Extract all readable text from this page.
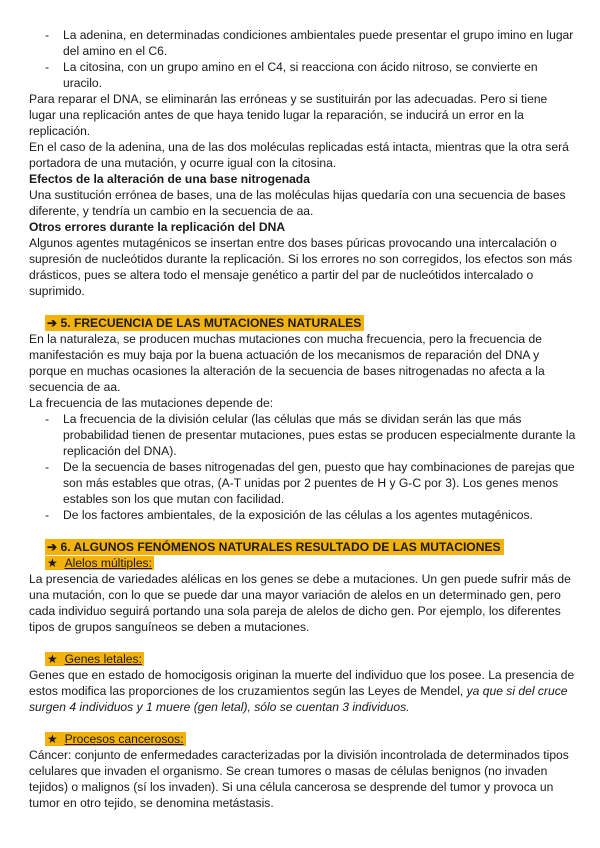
- La adenina, en determinadas condiciones ambientales puede presentar el grupo imino en lugar del amino en el C6.
- La citosina, con un grupo amino en el C4, si reacciona con ácido nitroso, se convierte en uracilo.

Para reparar el DNA, se eliminarán las erróneas y se sustituirán por las adecuadas. Pero si tiene lugar una replicación antes de que haya tenido lugar la reparación, se inducirá un error en la replicación.

En el caso de la adenina, una de las dos moléculas replicadas está intacta, mientras que la otra será portadora de una mutación, y ocurre igual con la citosina.

Efectos de la alteración de una base nitrogenada

Una sustitución errónea de bases, una de las moléculas hijas quedaría con una secuencia de bases diferente, y tendría un cambio en la secuencia de aa.

Otros errores durante la replicación del DNA

Algunos agentes mutagénicos se insertan entre dos bases púricas provocando una intercalación o supresión de nucleótidos durante la replicación. Si los errores no son corregidos, los efectos son más drásticos, pues se altera todo el mensaje genético a partir del par de nucleótidos intercalado o suprimido.

➔ 5. FRECUENCIA DE LAS MUTACIONES NATURALES

En la naturaleza, se producen muchas mutaciones con mucha frecuencia, pero la frecuencia de manifestación es muy baja por la buena actuación de los mecanismos de reparación del DNA y porque en muchas ocasiones la alteración de la secuencia de bases nitrogenadas no afecta a la secuencia de aa.

La frecuencia de las mutaciones depende de:

- La frecuencia de la división celular (las células que más se dividan serán las que más probabilidad tienen de presentar mutaciones, pues estas se producen especialmente durante la replicación del DNA).
- De la secuencia de bases nitrogenadas del gen, puesto que hay combinaciones de parejas que son más estables que otras, (A-T unidas por 2 puentes de H y G-C por 3). Los genes menos estables son los que mutan con facilidad.
- De los factores ambientales, de la exposición de las células a los agentes mutagénicos.

➔ 6. ALGUNOS FENÓMENOS NATURALES RESULTADO DE LAS MUTACIONES

★ Alelos múltiples:

La presencia de variedades alélicas en los genes se debe a mutaciones. Un gen puede sufrir más de una mutación, con lo que se puede dar una mayor variación de alelos en un determinado gen, pero cada individuo seguirá portando una sola pareja de alelos de dicho gen. Por ejemplo, los diferentes tipos de grupos sanguíneos se deben a mutaciones.

★ Genes letales:

Genes que en estado de homocigosis originan la muerte del individuo que los posee. La presencia de estos modifica las proporciones de los cruzamientos según las Leyes de Mendel, ya que si del cruce surgen 4 individuos y 1 muere (gen letal), sólo se cuentan 3 individuos.

★ Procesos cancerosos:

Cáncer: conjunto de enfermedades caracterizadas por la división incontrolada de determinados tipos celulares que invaden el organismo. Se crean tumores o masas de células benignos (no invaden tejidos) o malignos (sí los invaden). Si una célula cancerosa se desprende del tumor y provoca un tumor en otro tejido, se denomina metástasis.
